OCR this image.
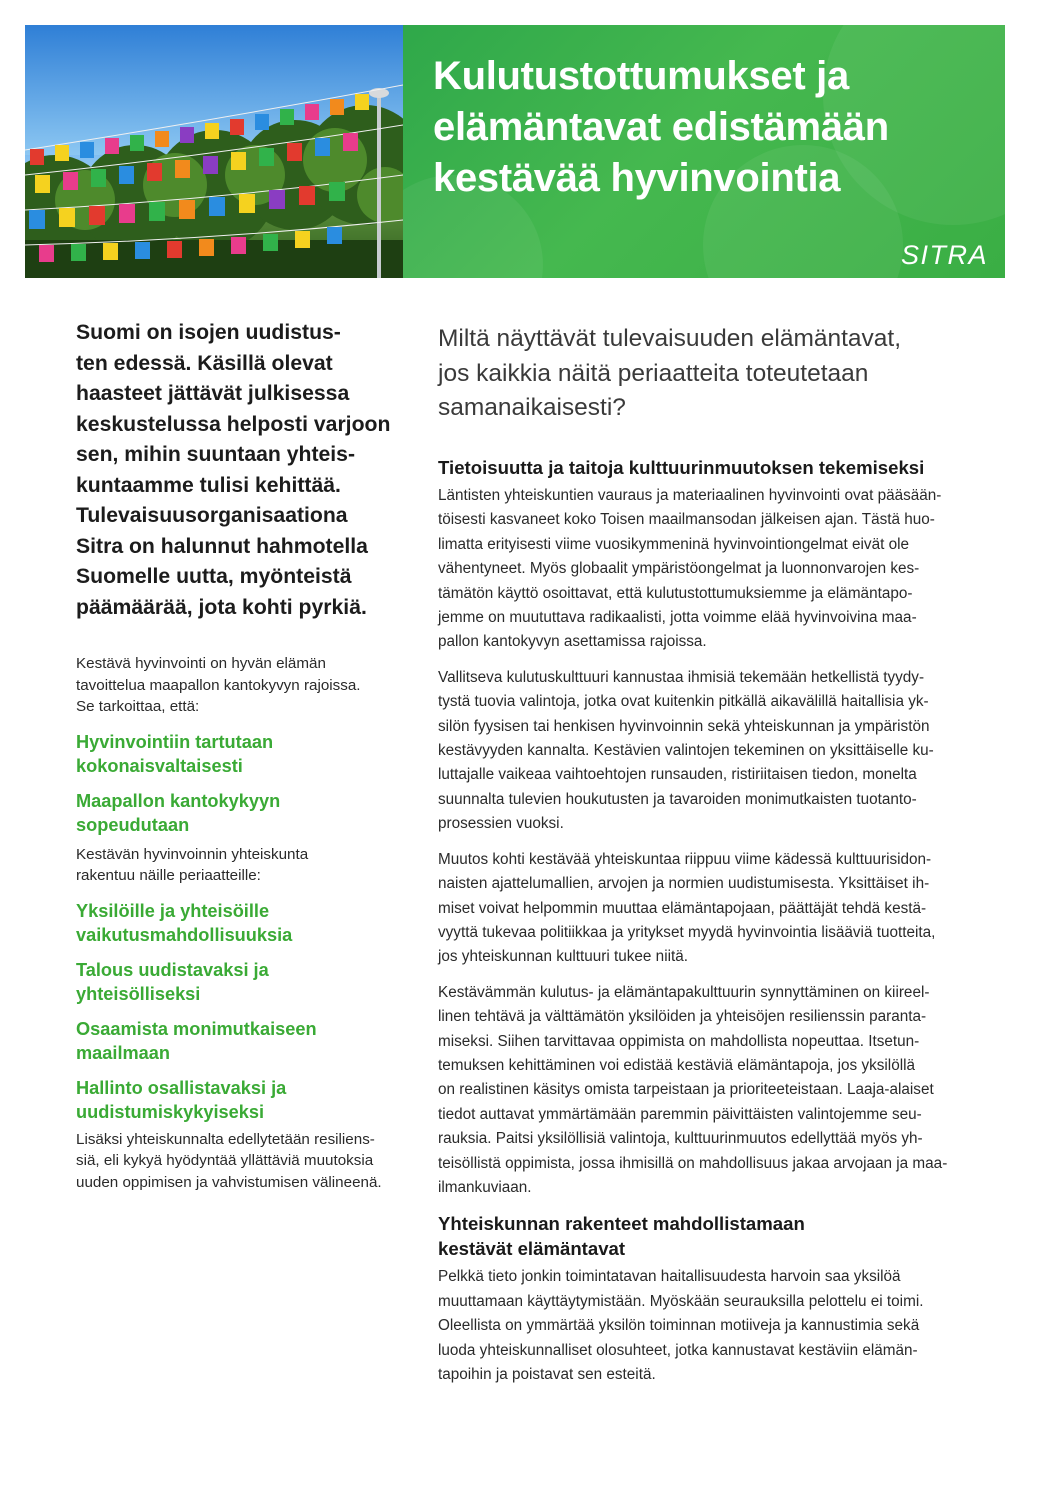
Kulutustottumukset ja
elämäntavat edistämään
kestävää hyvinvointia
SITRA

Suomi on isojen uudistus-
ten edessä. Käsillä olevat
haasteet jättävät julkisessa
keskustelussa helposti varjoon
sen, mihin suuntaan yhteis-
kuntaamme tulisi kehittää.
Tulevaisuusorganisaationa
Sitra on halunnut hahmotella
Suomelle uutta, myönteistä
päämäärää, jota kohti pyrkiä.

Kestävä hyvinvointi on hyvän elämän
tavoittelua maapallon kantokyvyn rajoissa.
Se tarkoittaa, että:

Hyvinvointiin tartutaan
kokonaisvaltaisesti

Maapallon kantokykyyn
sopeudutaan

Kestävän hyvinvoinnin yhteiskunta
rakentuu näille periaatteille:

Yksilöille ja yhteisöille
vaikutusmahdollisuuksia

Talous uudistavaksi ja
yhteisölliseksi

Osaamista monimutkaiseen
maailmaan

Hallinto osallistavaksi ja
uudistumiskykyiseksi

Lisäksi yhteiskunnalta edellytetään resiliens-
siä, eli kykyä hyödyntää yllättäviä muutoksia
uuden oppimisen ja vahvistumisen välineenä.

Miltä näyttävät tulevaisuuden elämäntavat,
jos kaikkia näitä periaatteita toteutetaan
samanaikaisesti?
Tietoisuutta ja taitoja kulttuurinmuutoksen tekemiseksi

Läntisten yhteiskuntien vauraus ja materiaalinen hyvinvointi ovat pääsään-
töisesti kasvaneet koko Toisen maailmansodan jälkeisen ajan. Tästä huo-
limatta erityisesti viime vuosikymmeninä hyvinvointiongelmat eivät ole
vähentyneet. Myös globaalit ympäristöongelmat ja luonnonvarojen kes-
tämätön käyttö osoittavat, että kulutustottumuksiemme ja elämäntapo-
jemme on muututtava radikaalisti, jotta voimme elää hyvinvoivina maa-
pallon kantokyvyn asettamissa rajoissa.

Vallitseva kulutuskulttuuri kannustaa ihmisiä tekemään hetkellistä tyydy-
tystä tuovia valintoja, jotka ovat kuitenkin pitkällä aikavälillä haitallisia yk-
silön fyysisen tai henkisen hyvinvoinnin sekä yhteiskunnan ja ympäristön
kestävyyden kannalta. Kestävien valintojen tekeminen on yksittäiselle ku-
luttajalle vaikeaa vaihtoehtojen runsauden, ristiriitaisen tiedon, monelta
suunnalta tulevien houkutusten ja tavaroiden monimutkaisten tuotanto-
prosessien vuoksi.

Muutos kohti kestävää yhteiskuntaa riippuu viime kädessä kulttuurisidon-
naisten ajattelumallien, arvojen ja normien uudistumisesta. Yksittäiset ih-
miset voivat helpommin muuttaa elämäntapojaan, päättäjät tehdä kestä-
vyyttä tukevaa politiikkaa ja yritykset myydä hyvinvointia lisääviä tuotteita,
jos yhteiskunnan kulttuuri tukee niitä.

Kestävämmän kulutus- ja elämäntapakulttuurin synnyttäminen on kiireel-
linen tehtävä ja välttämätön yksilöiden ja yhteisöjen resilienssin paranta-
miseksi. Siihen tarvittavaa oppimista on mahdollista nopeuttaa. Itsetun-
temuksen kehittäminen voi edistää kestäviä elämäntapoja, jos yksilöllä
on realistinen käsitys omista tarpeistaan ja prioriteeteistaan. Laaja-alaiset
tiedot auttavat ymmärtämään paremmin päivittäisten valintojemme seu-
rauksia. Paitsi yksilöllisiä valintoja, kulttuurinmuutos edellyttää myös yh-
teisöllistä oppimista, jossa ihmisillä on mahdollisuus jakaa arvojaan ja maa-
ilmankuviaan.

Yhteiskunnan rakenteet mahdollistamaan
kestävät elämäntavat

Pelkkä tieto jonkin toimintatavan haitallisuudesta harvoin saa yksilöä
muuttamaan käyttäytymistään. Myöskään seurauksilla pelottelu ei toimi.
Oleellista on ymmärtää yksilön toiminnan motiiveja ja kannustimia sekä
luoda yhteiskunnalliset olosuhteet, jotka kannustavat kestäviin elämän-
tapoihin ja poistavat sen esteitä.
